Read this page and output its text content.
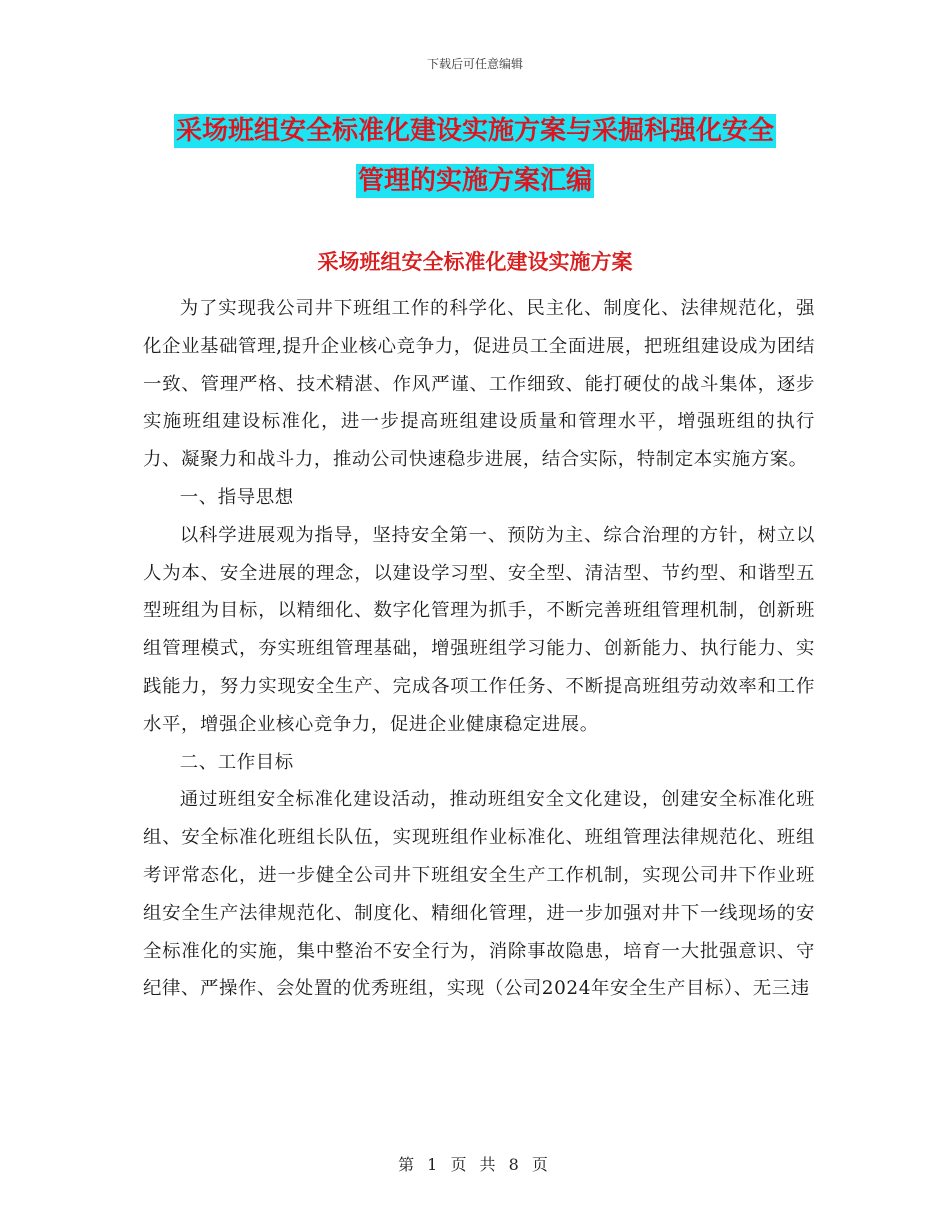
下载后可任意编辑
采场班组安全标准化建设实施方案与采掘科强化安全
管理的实施方案汇编
采场班组安全标准化建设实施方案

为了实现我公司井下班组工作的科学化、民主化、制度化、法律规范化，强化企业基础管理,提升企业核心竞争力，促进员工全面进展，把班组建设成为团结一致、管理严格、技术精湛、作风严谨、工作细致、能打硬仗的战斗集体，逐步实施班组建设标准化，进一步提高班组建设质量和管理水平，增强班组的执行力、凝聚力和战斗力，推动公司快速稳步进展，结合实际，特制定本实施方案。

一、指导思想

以科学进展观为指导，坚持安全第一、预防为主、综合治理的方针，树立以人为本、安全进展的理念，以建设学习型、安全型、清洁型、节约型、和谐型五型班组为目标，以精细化、数字化管理为抓手，不断完善班组管理机制，创新班组管理模式，夯实班组管理基础，增强班组学习能力、创新能力、执行能力、实践能力，努力实现安全生产、完成各项工作任务、不断提高班组劳动效率和工作水平，增强企业核心竞争力，促进企业健康稳定进展。

二、工作目标

通过班组安全标准化建设活动，推动班组安全文化建设，创建安全标准化班组、安全标准化班组长队伍，实现班组作业标准化、班组管理法律规范化、班组考评常态化，进一步健全公司井下班组安全生产工作机制，实现公司井下作业班组安全生产法律规范化、制度化、精细化管理，进一步加强对井下一线现场的安全标准化的实施，集中整治不安全行为，消除事故隐患，培育一大批强意识、守纪律、严操作、会处置的优秀班组，实现（公司2024年安全生产目标）、无三违

第 1 页 共 8 页
